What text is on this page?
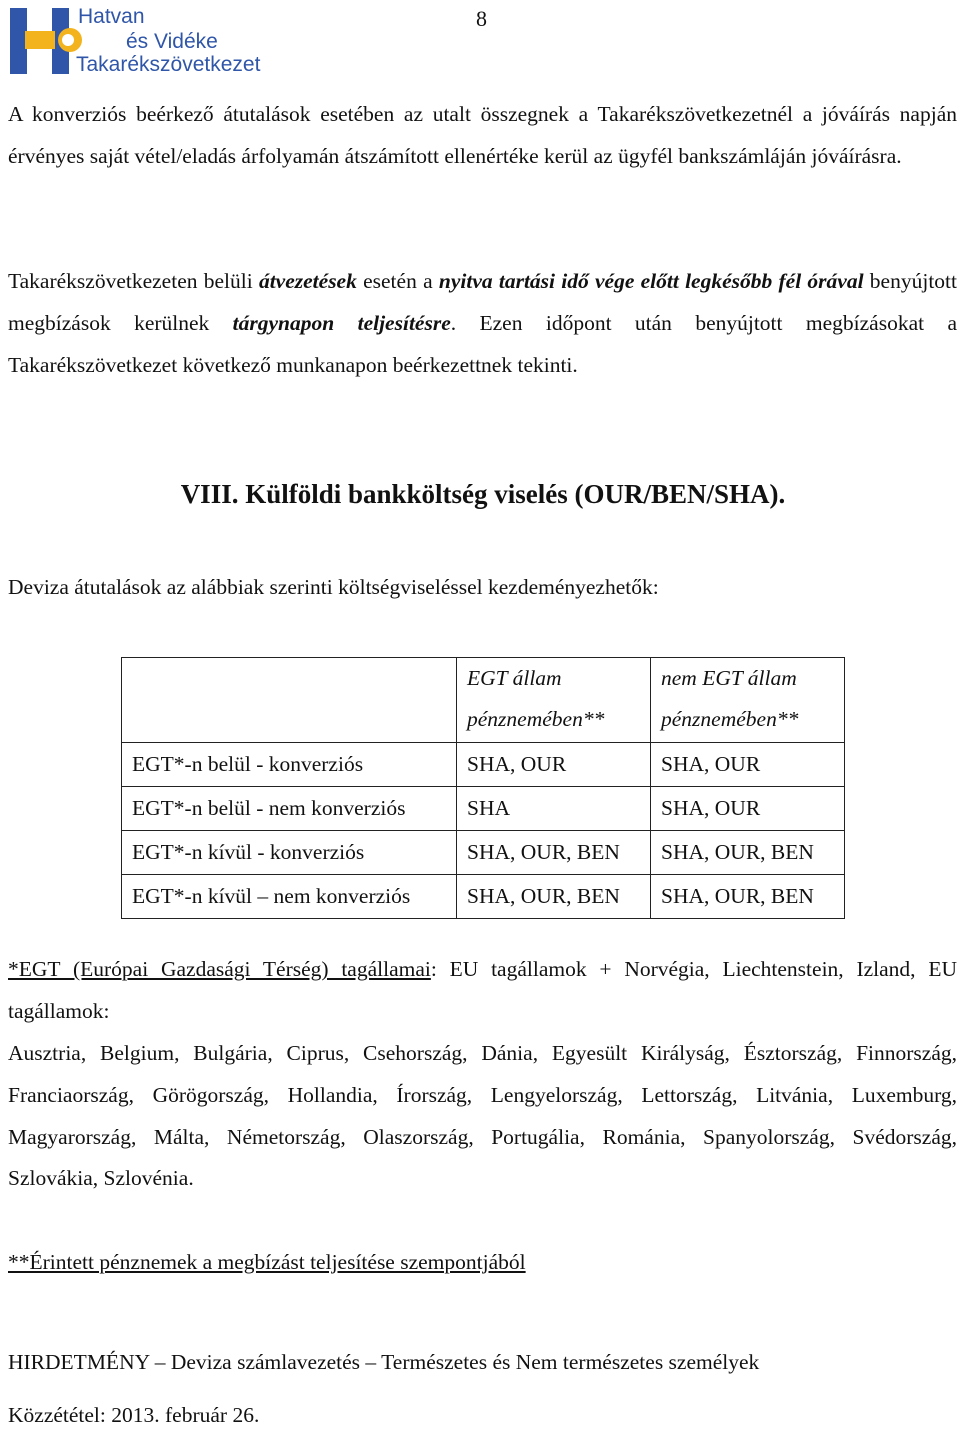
Hatvan
és Vidéke
Takarékszövetkezet
8

A konverziós beérkező átutalások esetében az utalt összegnek a Takarékszövetkezetnél a jóváírás napján érvényes saját vétel/eladás árfolyamán átszámított ellenértéke kerül az ügyfél bankszámláján jóváírásra.

Takarékszövetkezeten belüli átvezetések esetén a nyitva tartási idő vége előtt legkésőbb fél órával benyújtott megbízások kerülnek tárgynapon teljesítésre. Ezen időpont után benyújtott megbízásokat a Takarékszövetkezet következő munkanapon beérkezettnek tekinti.

VIII. Külföldi bankköltség viselés (OUR/BEN/SHA).

Deviza átutalások az alábbiak szerinti költségviseléssel kezdeményezhetők:

	EGT állam pénznemében**	nem EGT állam pénznemében**
EGT*-n belül - konverziós	SHA, OUR	SHA, OUR
EGT*-n belül - nem konverziós	SHA	SHA, OUR
EGT*-n kívül - konverziós	SHA, OUR, BEN	SHA, OUR, BEN
EGT*-n kívül – nem konverziós	SHA, OUR, BEN	SHA, OUR, BEN

*EGT (Európai Gazdasági Térség) tagállamai: EU tagállamok + Norvégia, Liechtenstein, Izland, EU tagállamok:

Ausztria, Belgium, Bulgária, Ciprus, Csehország, Dánia, Egyesült Királyság, Észtország, Finnország, Franciaország, Görögország, Hollandia, Írország, Lengyelország, Lettország, Litvánia, Luxemburg, Magyarország, Málta, Németország, Olaszország, Portugália, Románia, Spanyolország, Svédország, Szlovákia, Szlovénia.

**Érintett pénznemek a megbízást teljesítése szempontjából

HIRDETMÉNY – Deviza számlavezetés – Természetes és Nem természetes személyek

Közzététel: 2013. február 26.
